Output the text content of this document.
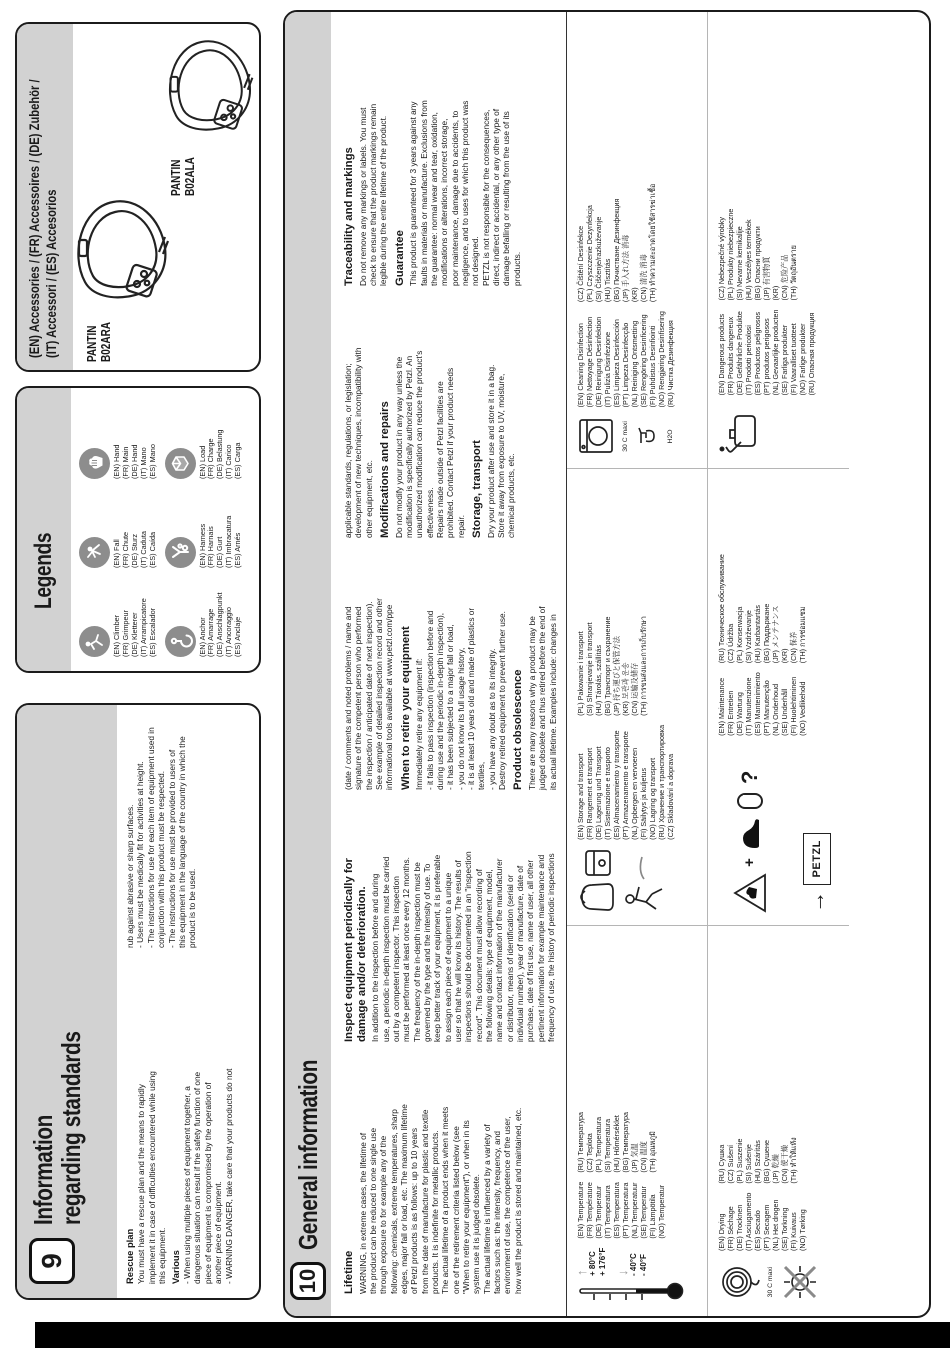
9
Information
regarding standards
Rescue plan You must have a rescue plan and the means to rapidly implement it in case of difficulties encountered while using this equipment. Various - When using multiple pieces of equipment together, a dangerous situation can result if the safety function of one piece of equipment is compromised by the operation of another piece of equipment. - WARNING DANGER, take care that your products do not
rub against abrasive or sharp surfaces. - Users must be medically fit for activities at height. - The instructions for use for each item of equipment used in conjunction with this product must be respected. - The instructions for use must be provided to users of this equipment in the language of the country in which the product is to be used.
Legends
(EN) Climber (FR) Grimpeur (DE) Kletterer (IT) Arrampicatore (ES) Escalador
(EN) Fall (FR) Chute (DE) Sturz (IT) Caduta (ES) Caída
(EN) Hand (FR) Main (DE) Hand (IT) Mano (ES) Mano
(EN) Anchor (FR) Amarrage (DE) Anschlagpunkt (IT) Ancoraggio (ES) Anclaje
(EN) Harness (FR) Harnais (DE) Gurt (IT) Imbracatura (ES) Arnés
(EN) Load (FR) Charge (DE) Belastung (IT) Carico (ES) Carga
(EN) Accessories / (FR) Accessoires / (DE) Zubehör / (IT) Accessori / (ES) Accesorios PANTIN B02ARA
PANTIN B02ALA
10
General information
Lifetime WARNING, in extreme cases, the lifetime of the product can be reduced to one single use through exposure to for example any of the following: chemicals, extreme temperatures, sharp edges, major fall or load, etc. The maximum lifetime of Petzl products is as follows: up to 10 years from the date of manufacture for plastic and textile products. It is indefinite for metallic products. The actual lifetime of a product ends when it meets one of the retirement criteria listed below (see "When to retire your equipment"), or when in its system use it is judged obsolete. The actual lifetime is influenced by a variety of factors such as: the intensity, frequency, and environment of use, the competence of the user, how well the product is stored and maintained, etc.
Inspect equipment periodically for damage and/or deterioration. In addition to the inspection before and during use, a periodic in-depth inspection must be carried out by a competent inspector. This inspection must be performed at least once every 12 months. The frequency of the in-depth inspection must be governed by the type and the intensity of use. To keep better track of your equipment, it is preferable to assign each piece of equipment to a unique user so that he will know its history. The results of inspections should be documented in an "inspection record". This document must allow recording of the following details: type of equipment, model, name and contact information of the manufacturer or distributor, means of identification (serial or individual number), year of manufacture, date of purchase, date of first use, name of user, all other pertinent information for example maintenance and frequency of use, the history of periodic inspections
(date / comments and noted problems / name and signature of the competent person who performed the inspection / anticipated date of next inspection). See example of detailed inspection record and other informational tools available at www.petzl.com/ppe When to retire your equipment Immediately retire any equipment if: - it fails to pass inspection (inspection before and during use and the periodic in-depth inspection), - it has been subjected to a major fall or load, - you do not know its full usage history, - it is at least 10 years old and made of plastics or textiles, - you have any doubt as to its integrity. Destroy retired equipment to prevent further use. Product obsolescence There are many reasons why a product may be judged obsolete and thus retired before the end of its actual lifetime. Examples include: changes in
applicable standards, regulations, or legislation; development of new techniques, incompatibility with other equipment, etc. Modifications and repairs Do not modify your product in any way unless the modification is specifically authorized by Petzl. An unauthorized modification can reduce the product's effectiveness. Repairs made outside of Petzl facilities are prohibited. Contact Petzl if your product needs repair. Storage, transport Dry your product after use and store it in a bag. Store it away from exposure to UV, moisture, chemical products, etc.
Traceability and markings Do not remove any markings or labels. You must check to ensure that the product markings remain legible during the entire lifetime of the product. Guarantee This product is guaranteed for 3 years against any faults in materials or manufacture. Exclusions from the guarantee: normal wear and tear, oxidation, modifications or alterations, incorrect storage, poor maintenance, damage due to accidents, to negligence, and to uses for which this product was not designed. PETZL is not responsible for the consequences, direct, indirect or accidental, or any other type of damage befalling or resulting from the use of its products.
↑ + 80°C + 176°F ↓ - 40°C - 40°F
(EN) Temperature (FR) Température (DE) Temperatur (IT) Temperatura (ES) Temperatura (PT) Temperatura (NL) Temperatuur (SE) Temperatur (FI) Lämpötila (NO) Temperatur
(RU) Температура (CZ) Teplota (PL) Temperatura (SI) Temperatura (HU) Hőmérséklet (BG) Температура (JP) 気温 (CN) 温度 (TH) อุณหภูมิ
(EN) Storage and transport (FR) Rangement et transport (DE) Lagerung und Transport (IT) Sistemazione e trasporto (ES) Almacenamiento y transporte (PT) Armazenamento e transporte (NL) Opbergen en vervoeren (FI) Säilytys ja kuljetus (NO) Lagring og transport (RU) Хранение и транспортировка (CZ) Skladování a doprava
(PL) Pakowanie i transport (SI) Shranjevanje in transport (HU) Tárolás, szállítás (BG) Транспорт и съхранение (JP) 持ち運びと保管方法 (KR) 보관과 운송 (CN) 运输及储存 (TH) การขนส่งและการเก็บรักษา
30 C maxi	H2O
(EN) Cleaning Disinfection (FR) Nettoyage Désinfection (DE) Reinigung Desinfektion (IT) Pulizia Disinfezione (ES) Limpieza Desinfección (PT) Limpeza Desinfecção (NL) Reiniging Ontsmetting (SE) Rengöring Desinficering (FI) Puhdistus Desinfiointi (NO) Rengjøring Desinfisering (RU) Чистка Дезинфекция
(CZ) Čištění Desinfekce (PL) Czyszczenie Dezynfekcja (SI) Čiščenje/razkuževanje (HU) Tisztítás (BG) Почистване Дезинфекция (JP) 手入れ方法 消毒 (KR) (CN) 清洗 消毒 (TH) ทำความสะอาดโดยใช้สารฆ่าเชื้อ
30 C maxi
(EN) Drying (FR) Séchage (DE) Trocknen (IT) Asciugamento (ES) Secado (PT) Secagem (NL) Het drogen (SE) Torkning (FI) Kuivaus (NO) Tørking
(RU) Сушка (CZ) Sušení (PL) Suszenie (SI) Sušenje (HU) Szárítás (BG) Сушене (JP) 乾燥 (CN) 使干燥 (TH) ทำให้แห้ง
+
?
→
PETZL
(EN) Maintenance (FR) Entretien (DE) Wartung (IT) Manutenzione (ES) Mantenimiento (PT) Manutenção (NL) Onderhoud (SE) Underhåll (FI) Huolehtiminen (NO) Vedlikehold
(RU) Техническое обслуживание (CZ) Údržba (PL) Konserwacja (SI) Vzdrževanje (HU) Karbantartás (BG) Поддържане (JP) メンテナンス (KR) (CN) 保养 (TH) การซ่อมแซม
(EN) Dangerous products (FR) Produits dangereux (DE) Gefährliche Produkte (IT) Prodotti pericolosi (ES) Productos peligrosos (PT) produtos perigosos (NL) Gevaarlijke producten (SE) Farliga produkter (FI) Vaaralliset tuotteet (NO) Farlige produkter (RU) Опасная продукция
(CZ) Nebezpečné výrobky (PL) Produkty niebezpieczne (SI) Nevarne kemikalije (HU) Veszélyes termékek (BG) Опасни продукти (JP) 有害物質 (KR) (CN) 危险产品 (TH) วัตถุอันตราย
